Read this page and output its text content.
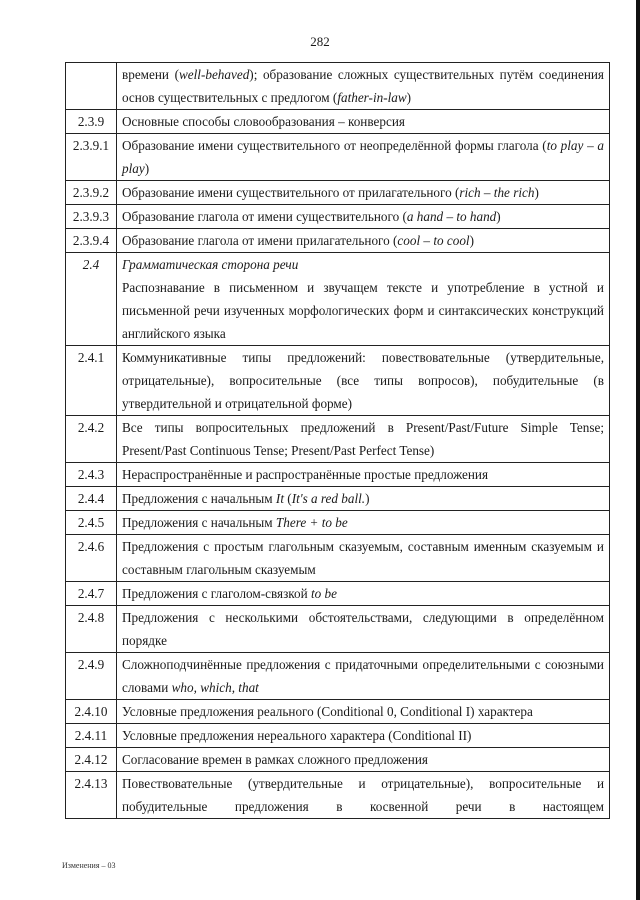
282

	времени (well-behaved); образование сложных существительных путём соединения основ существительных с предлогом (father-in-law)

2.3.9	Основные способы словообразования – конверсия

2.3.9.1	Образование имени существительного от неопределённой формы глагола (to play – a play)

2.3.9.2	Образование имени существительного от прилагательного (rich – the rich)

2.3.9.3	Образование глагола от имени существительного (a hand – to hand)

2.3.9.4	Образование глагола от имени прилагательного (cool – to cool)

2.4	Грамматическая сторона речи
Распознавание в письменном и звучащем тексте и употребление в устной и письменной речи изученных морфологических форм и синтаксических конструкций английского языка

2.4.1	Коммуникативные типы предложений: повествовательные (утвердительные, отрицательные), вопросительные (все типы вопросов), побудительные (в утвердительной и отрицательной форме)

2.4.2	Все типы вопросительных предложений в Present/Past/Future Simple Tense; Present/Past Continuous Tense; Present/Past Perfect Tense)

2.4.3	Нераспространённые и распространённые простые предложения

2.4.4	Предложения с начальным It (It's a red ball.)

2.4.5	Предложения с начальным There + to be

2.4.6	Предложения с простым глагольным сказуемым, составным именным сказуемым и составным глагольным сказуемым

2.4.7	Предложения с глаголом-связкой to be

2.4.8	Предложения с несколькими обстоятельствами, следующими в определённом порядке

2.4.9	Сложноподчинённые предложения с придаточными определительными с союзными словами who, which, that

2.4.10	Условные предложения реального (Conditional 0, Conditional I) характера

2.4.11	Условные предложения нереального характера (Conditional II)

2.4.12	Согласование времен в рамках сложного предложения

2.4.13	Повествовательные (утвердительные и отрицательные), вопросительные и побудительные предложения в косвенной речи в настоящем
Изменения – 03
